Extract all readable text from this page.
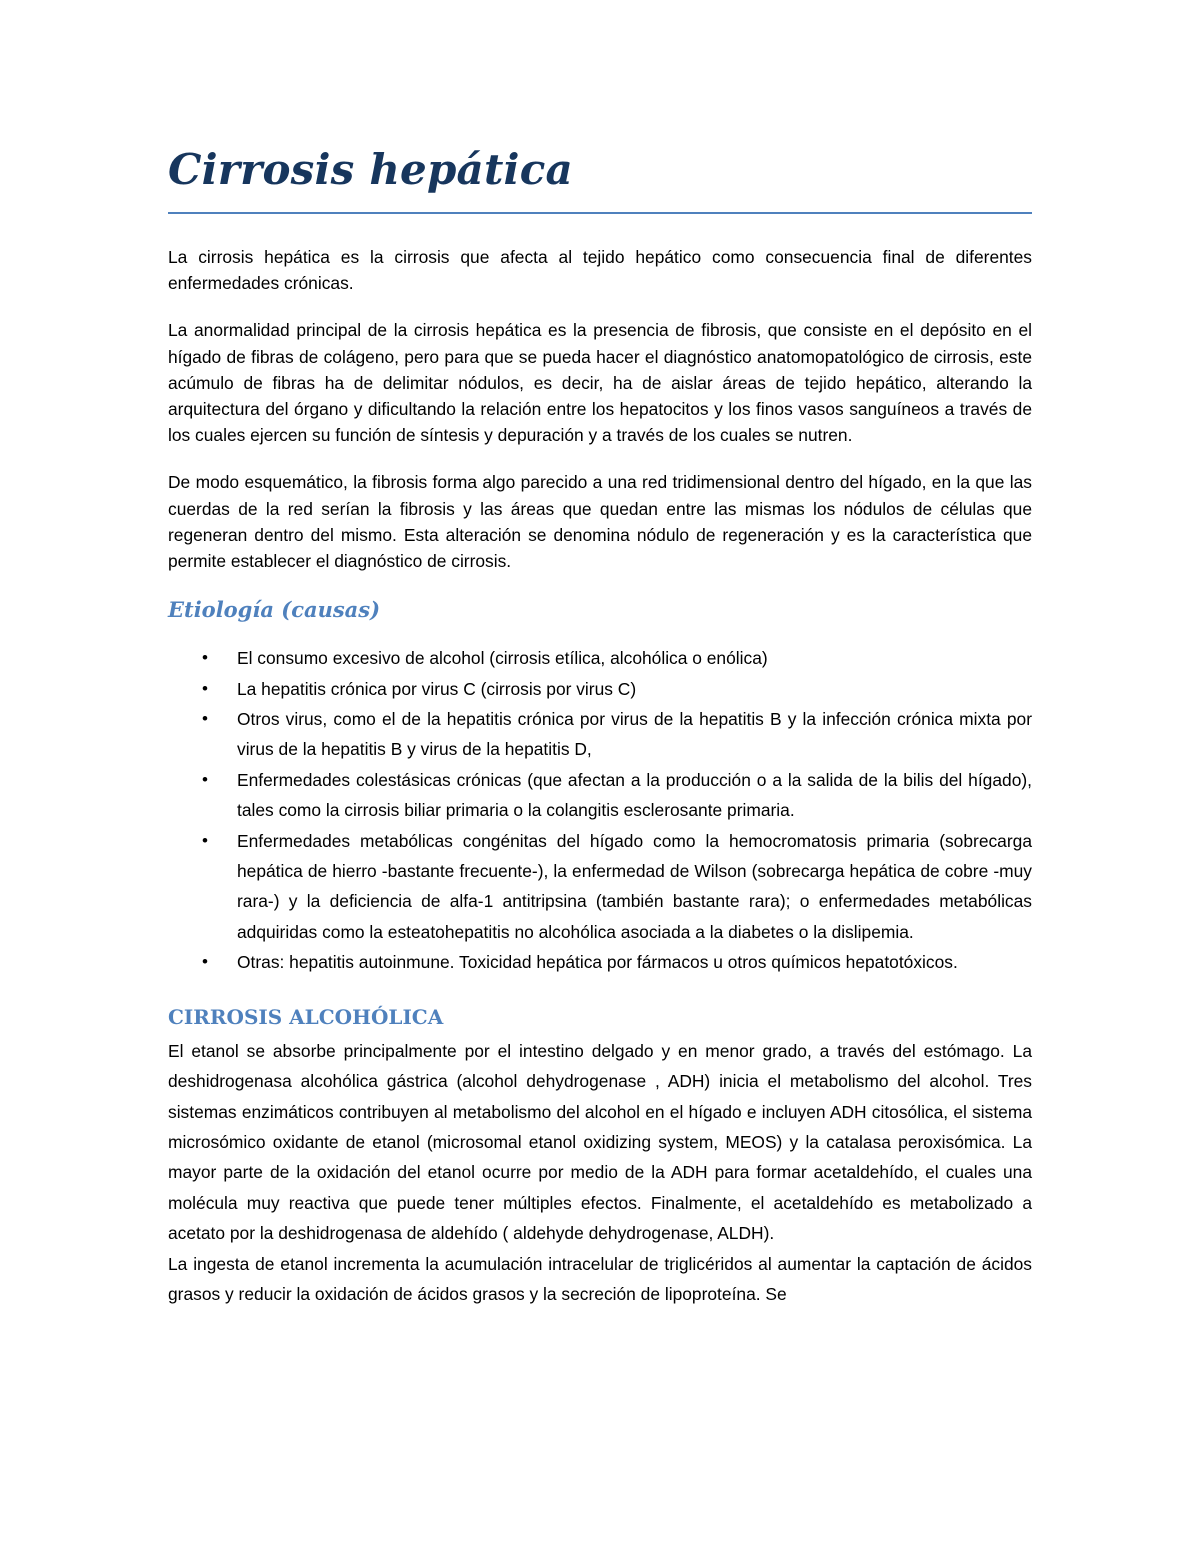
Cirrosis hepática

La cirrosis hepática es la cirrosis que afecta al tejido hepático como consecuencia final de diferentes enfermedades crónicas.

La anormalidad principal de la cirrosis hepática es la presencia de fibrosis, que consiste en el depósito en el hígado de fibras de colágeno, pero para que se pueda hacer el diagnóstico anatomopatológico de cirrosis, este acúmulo de fibras ha de delimitar nódulos, es decir, ha de aislar áreas de tejido hepático, alterando la arquitectura del órgano y dificultando la relación entre los hepatocitos y los finos vasos sanguíneos a través de los cuales ejercen su función de síntesis y depuración y a través de los cuales se nutren.

De modo esquemático, la fibrosis forma algo parecido a una red tridimensional dentro del hígado, en la que las cuerdas de la red serían la fibrosis y las áreas que quedan entre las mismas los nódulos de células que regeneran dentro del mismo. Esta alteración se denomina nódulo de regeneración y es la característica que permite establecer el diagnóstico de cirrosis.

Etiología (causas)
• El consumo excesivo de alcohol (cirrosis etílica, alcohólica o enólica)
• La hepatitis crónica por virus C (cirrosis por virus C)
• Otros virus, como el de la hepatitis crónica por virus de la hepatitis B y la infección crónica mixta por virus de la hepatitis B y virus de la hepatitis D,
• Enfermedades colestásicas crónicas (que afectan a la producción o a la salida de la bilis del hígado), tales como la cirrosis biliar primaria o la colangitis esclerosante primaria.
• Enfermedades metabólicas congénitas del hígado como la hemocromatosis primaria (sobrecarga hepática de hierro -bastante frecuente-), la enfermedad de Wilson (sobrecarga hepática de cobre -muy rara-) y la deficiencia de alfa-1 antitripsina (también bastante rara); o enfermedades metabólicas adquiridas como la esteatohepatitis no alcohólica asociada a la diabetes o la dislipemia.
• Otras: hepatitis autoinmune. Toxicidad hepática por fármacos u otros químicos hepatotóxicos.
CIRROSIS ALCOHÓLICA

El etanol se absorbe principalmente por el intestino delgado y en menor grado, a través del estómago. La deshidrogenasa alcohólica gástrica (alcohol dehydrogenase , ADH) inicia el metabolismo del alcohol. Tres sistemas enzimáticos contribuyen al metabolismo del alcohol en el hígado e incluyen ADH citosólica, el sistema microsómico oxidante de etanol (microsomal etanol oxidizing system, MEOS) y la catalasa peroxisómica. La mayor parte de la oxidación del etanol ocurre por medio de la ADH para formar acetaldehído, el cuales una molécula muy reactiva que puede tener múltiples efectos. Finalmente, el acetaldehído es metabolizado a acetato por la deshidrogenasa de aldehído ( aldehyde dehydrogenase, ALDH).

La ingesta de etanol incrementa la acumulación intracelular de triglicéridos al aumentar la captación de ácidos grasos y reducir la oxidación de ácidos grasos y la secreción de lipoproteína. Se
